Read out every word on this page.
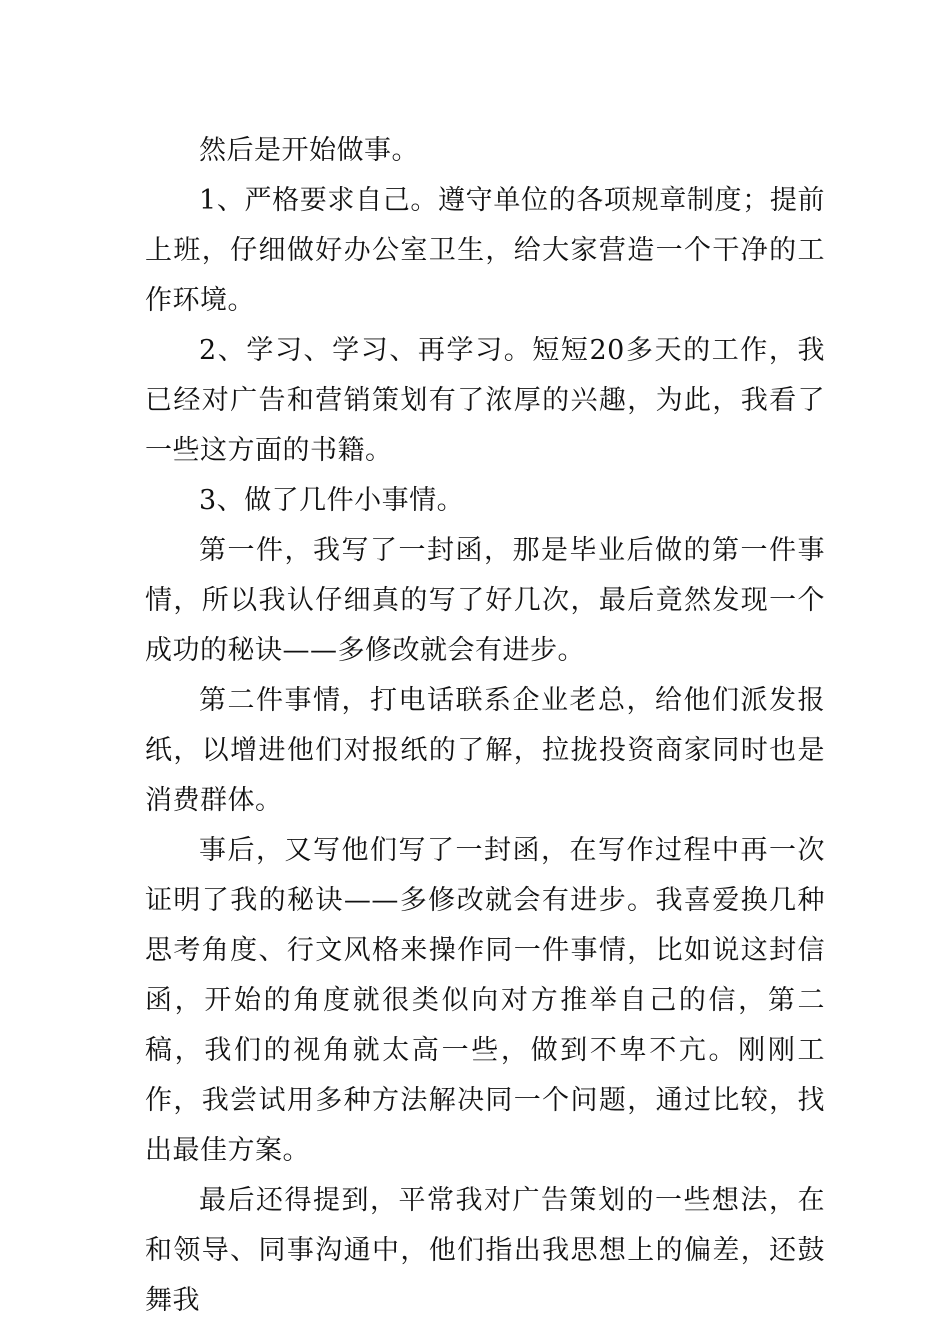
然后是开始做事。

1、严格要求自己。遵守单位的各项规章制度；提前上班，仔细做好办公室卫生，给大家营造一个干净的工作环境。

2、学习、学习、再学习。短短20多天的工作，我已经对广告和营销策划有了浓厚的兴趣，为此，我看了一些这方面的书籍。

3、做了几件小事情。

第一件，我写了一封函，那是毕业后做的第一件事情，所以我认仔细真的写了好几次，最后竟然发现一个成功的秘诀——多修改就会有进步。

第二件事情，打电话联系企业老总，给他们派发报纸，以增进他们对报纸的了解，拉拢投资商家同时也是消费群体。

事后，又写他们写了一封函，在写作过程中再一次证明了我的秘诀——多修改就会有进步。我喜爱换几种思考角度、行文风格来操作同一件事情，比如说这封信函，开始的角度就很类似向对方推举自己的信，第二稿，我们的视角就太高一些，做到不卑不亢。刚刚工作，我尝试用多种方法解决同一个问题，通过比较，找出最佳方案。

最后还得提到，平常我对广告策划的一些想法，在和领导、同事沟通中，他们指出我思想上的偏差，还鼓舞我
